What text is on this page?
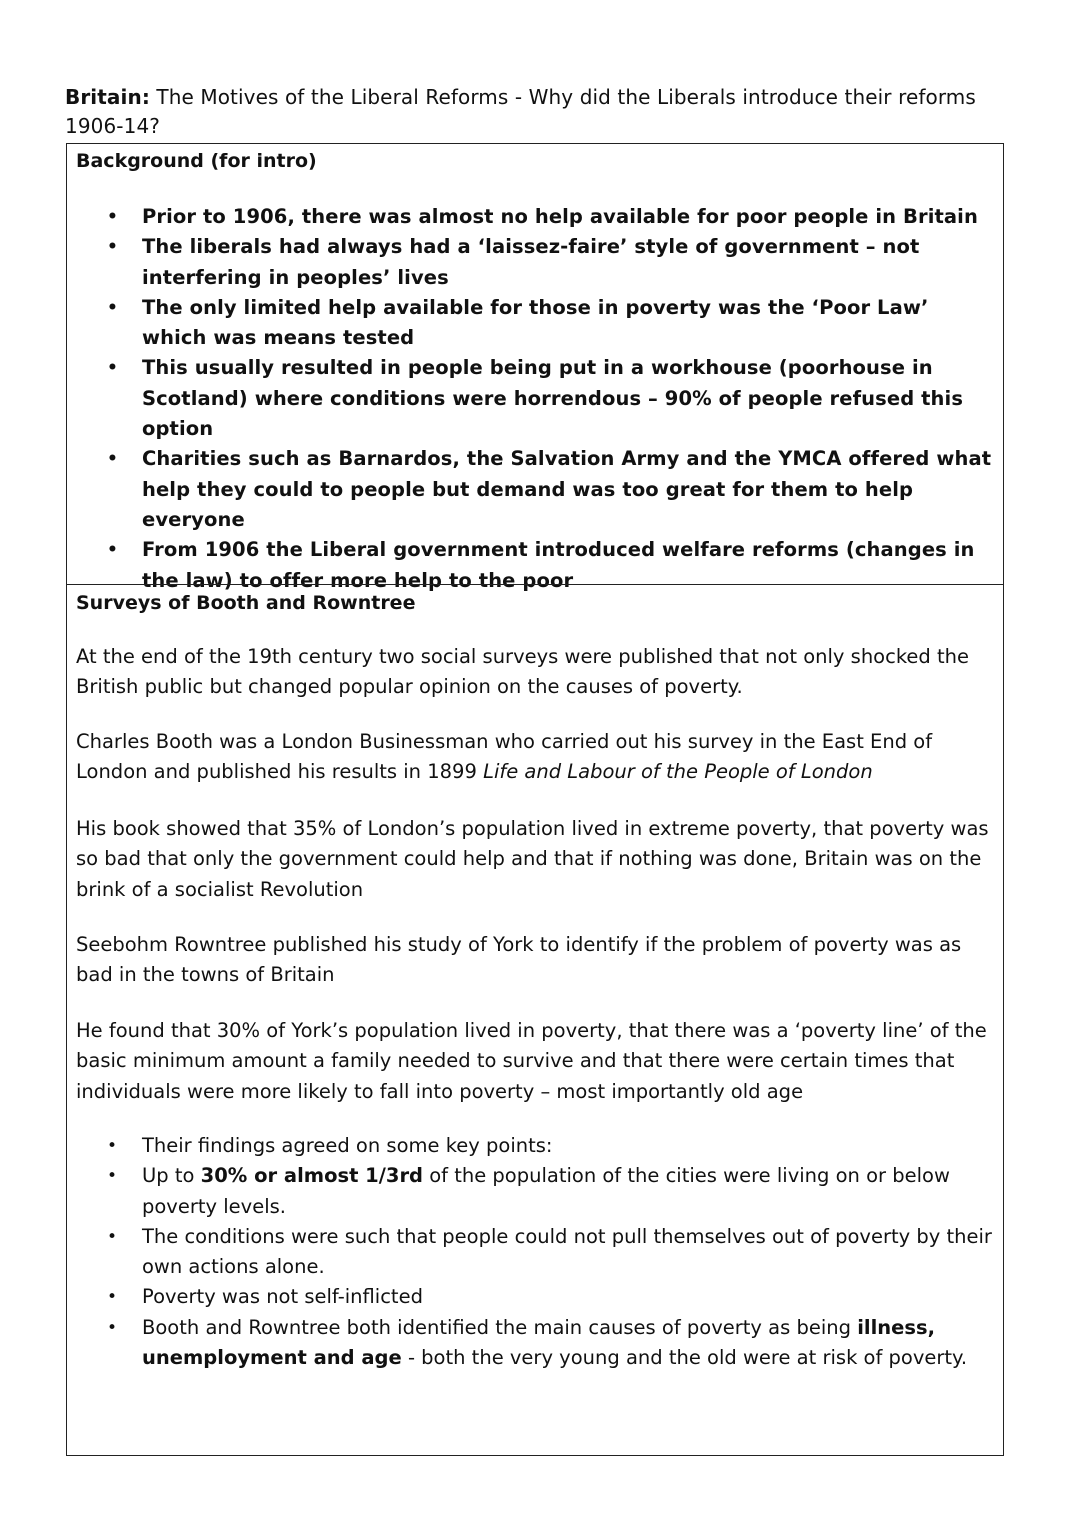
Britain: The Motives of the Liberal Reforms - Why did the Liberals introduce their reforms 1906-14?
Background (for intro)
• Prior to 1906, there was almost no help available for poor people in Britain
• The liberals had always had a ‘laissez-faire’ style of government – not interfering in peoples’ lives
• The only limited help available for those in poverty was the ‘Poor Law’ which was means tested
• This usually resulted in people being put in a workhouse (poorhouse in Scotland) where conditions were horrendous – 90% of people refused this option
• Charities such as Barnardos, the Salvation Army and the YMCA offered what help they could to people but demand was too great for them to help everyone
• From 1906 the Liberal government introduced welfare reforms (changes in the law) to offer more help to the poor
Surveys of Booth and Rowntree

At the end of the 19th century two social surveys were published that not only shocked the British public but changed popular opinion on the causes of poverty.

Charles Booth was a London Businessman who carried out his survey in the East End of London and published his results in 1899 Life and Labour of the People of London

His book showed that 35% of London’s population lived in extreme poverty, that poverty was so bad that only the government could help and that if nothing was done, Britain was on the brink of a socialist Revolution

Seebohm Rowntree published his study of York to identify if the problem of poverty was as bad in the towns of Britain

He found that 30% of York’s population lived in poverty, that there was a ‘poverty line’ of the basic minimum amount a family needed to survive and that there were certain times that individuals were more likely to fall into poverty – most importantly old age

• Their findings agreed on some key points:
• Up to 30% or almost 1/3rd of the population of the cities were living on or below poverty levels.
• The conditions were such that people could not pull themselves out of poverty by their own actions alone.
• Poverty was not self-inflicted
• Booth and Rowntree both identified the main causes of poverty as being illness, unemployment and age - both the very young and the old were at risk of poverty.
